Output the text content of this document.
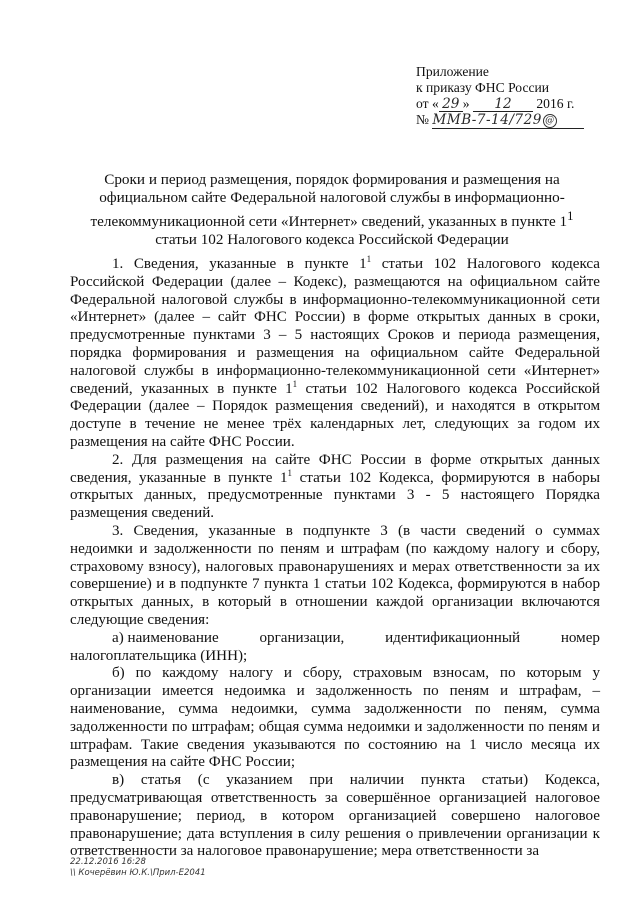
Приложение
к приказу ФНС России
от « 29 » 12 2016 г.
№ ММВ-7-14/729 @
Сроки и период размещения, порядок формирования и размещения на
официальном сайте Федеральной налоговой службы в информационно-
телекоммуникационной сети «Интернет» сведений, указанных в пункте $1^1$
статьи 102 Налогового кодекса Российской Федерации

1. Сведения, указанные в пункте $1^1$ статьи 102 Налогового кодекса Российской Федерации (далее – Кодекс), размещаются на официальном сайте Федеральной налоговой службы в информационно-телекоммуникационной сети «Интернет» (далее – сайт ФНС России) в форме открытых данных в сроки, предусмотренные пунктами 3 – 5 настоящих Сроков и периода размещения, порядка формирования и размещения на официальном сайте Федеральной налоговой службы в информационно-телекоммуникационной сети «Интернет» сведений, указанных в пункте $1^1$ статьи 102 Налогового кодекса Российской Федерации (далее – Порядок размещения сведений), и находятся в открытом доступе в течение не менее трёх календарных лет, следующих за годом их размещения на сайте ФНС России.

2. Для размещения на сайте ФНС России в форме открытых данных сведения, указанные в пункте $1^1$ статьи 102 Кодекса, формируются в наборы открытых данных, предусмотренные пунктами 3 - 5 настоящего Порядка размещения сведений.

3. Сведения, указанные в подпункте 3 (в части сведений о суммах недоимки и задолженности по пеням и штрафам (по каждому налогу и сбору, страховому взносу), налоговых правонарушениях и мерах ответственности за их совершение) и в подпункте 7 пункта 1 статьи 102 Кодекса, формируются в набор открытых данных, в который в отношении каждой организации включаются следующие сведения:

а) наименование	организации,	идентификационный	номер
налогоплательщика (ИНН);

б) по каждому налогу и сбору, страховым взносам, по которым у организации имеется недоимка и задолженность по пеням и штрафам, – наименование, сумма недоимки, сумма задолженности по пеням, сумма задолженности по штрафам; общая сумма недоимки и задолженности по пеням и штрафам. Такие сведения указываются по состоянию на 1 число месяца их размещения на сайте ФНС России;

в) статья (с указанием при наличии пункта статьи) Кодекса, предусматривающая ответственность за совершённое организацией налоговое правонарушение; период, в котором организацией совершено налоговое правонарушение; дата вступления в силу решения о привлечении организации к ответственности за налоговое правонарушение; мера ответственности за

22.12.2016 16:28
\\ Кочерёвин Ю.К.\Прил-Е2041
